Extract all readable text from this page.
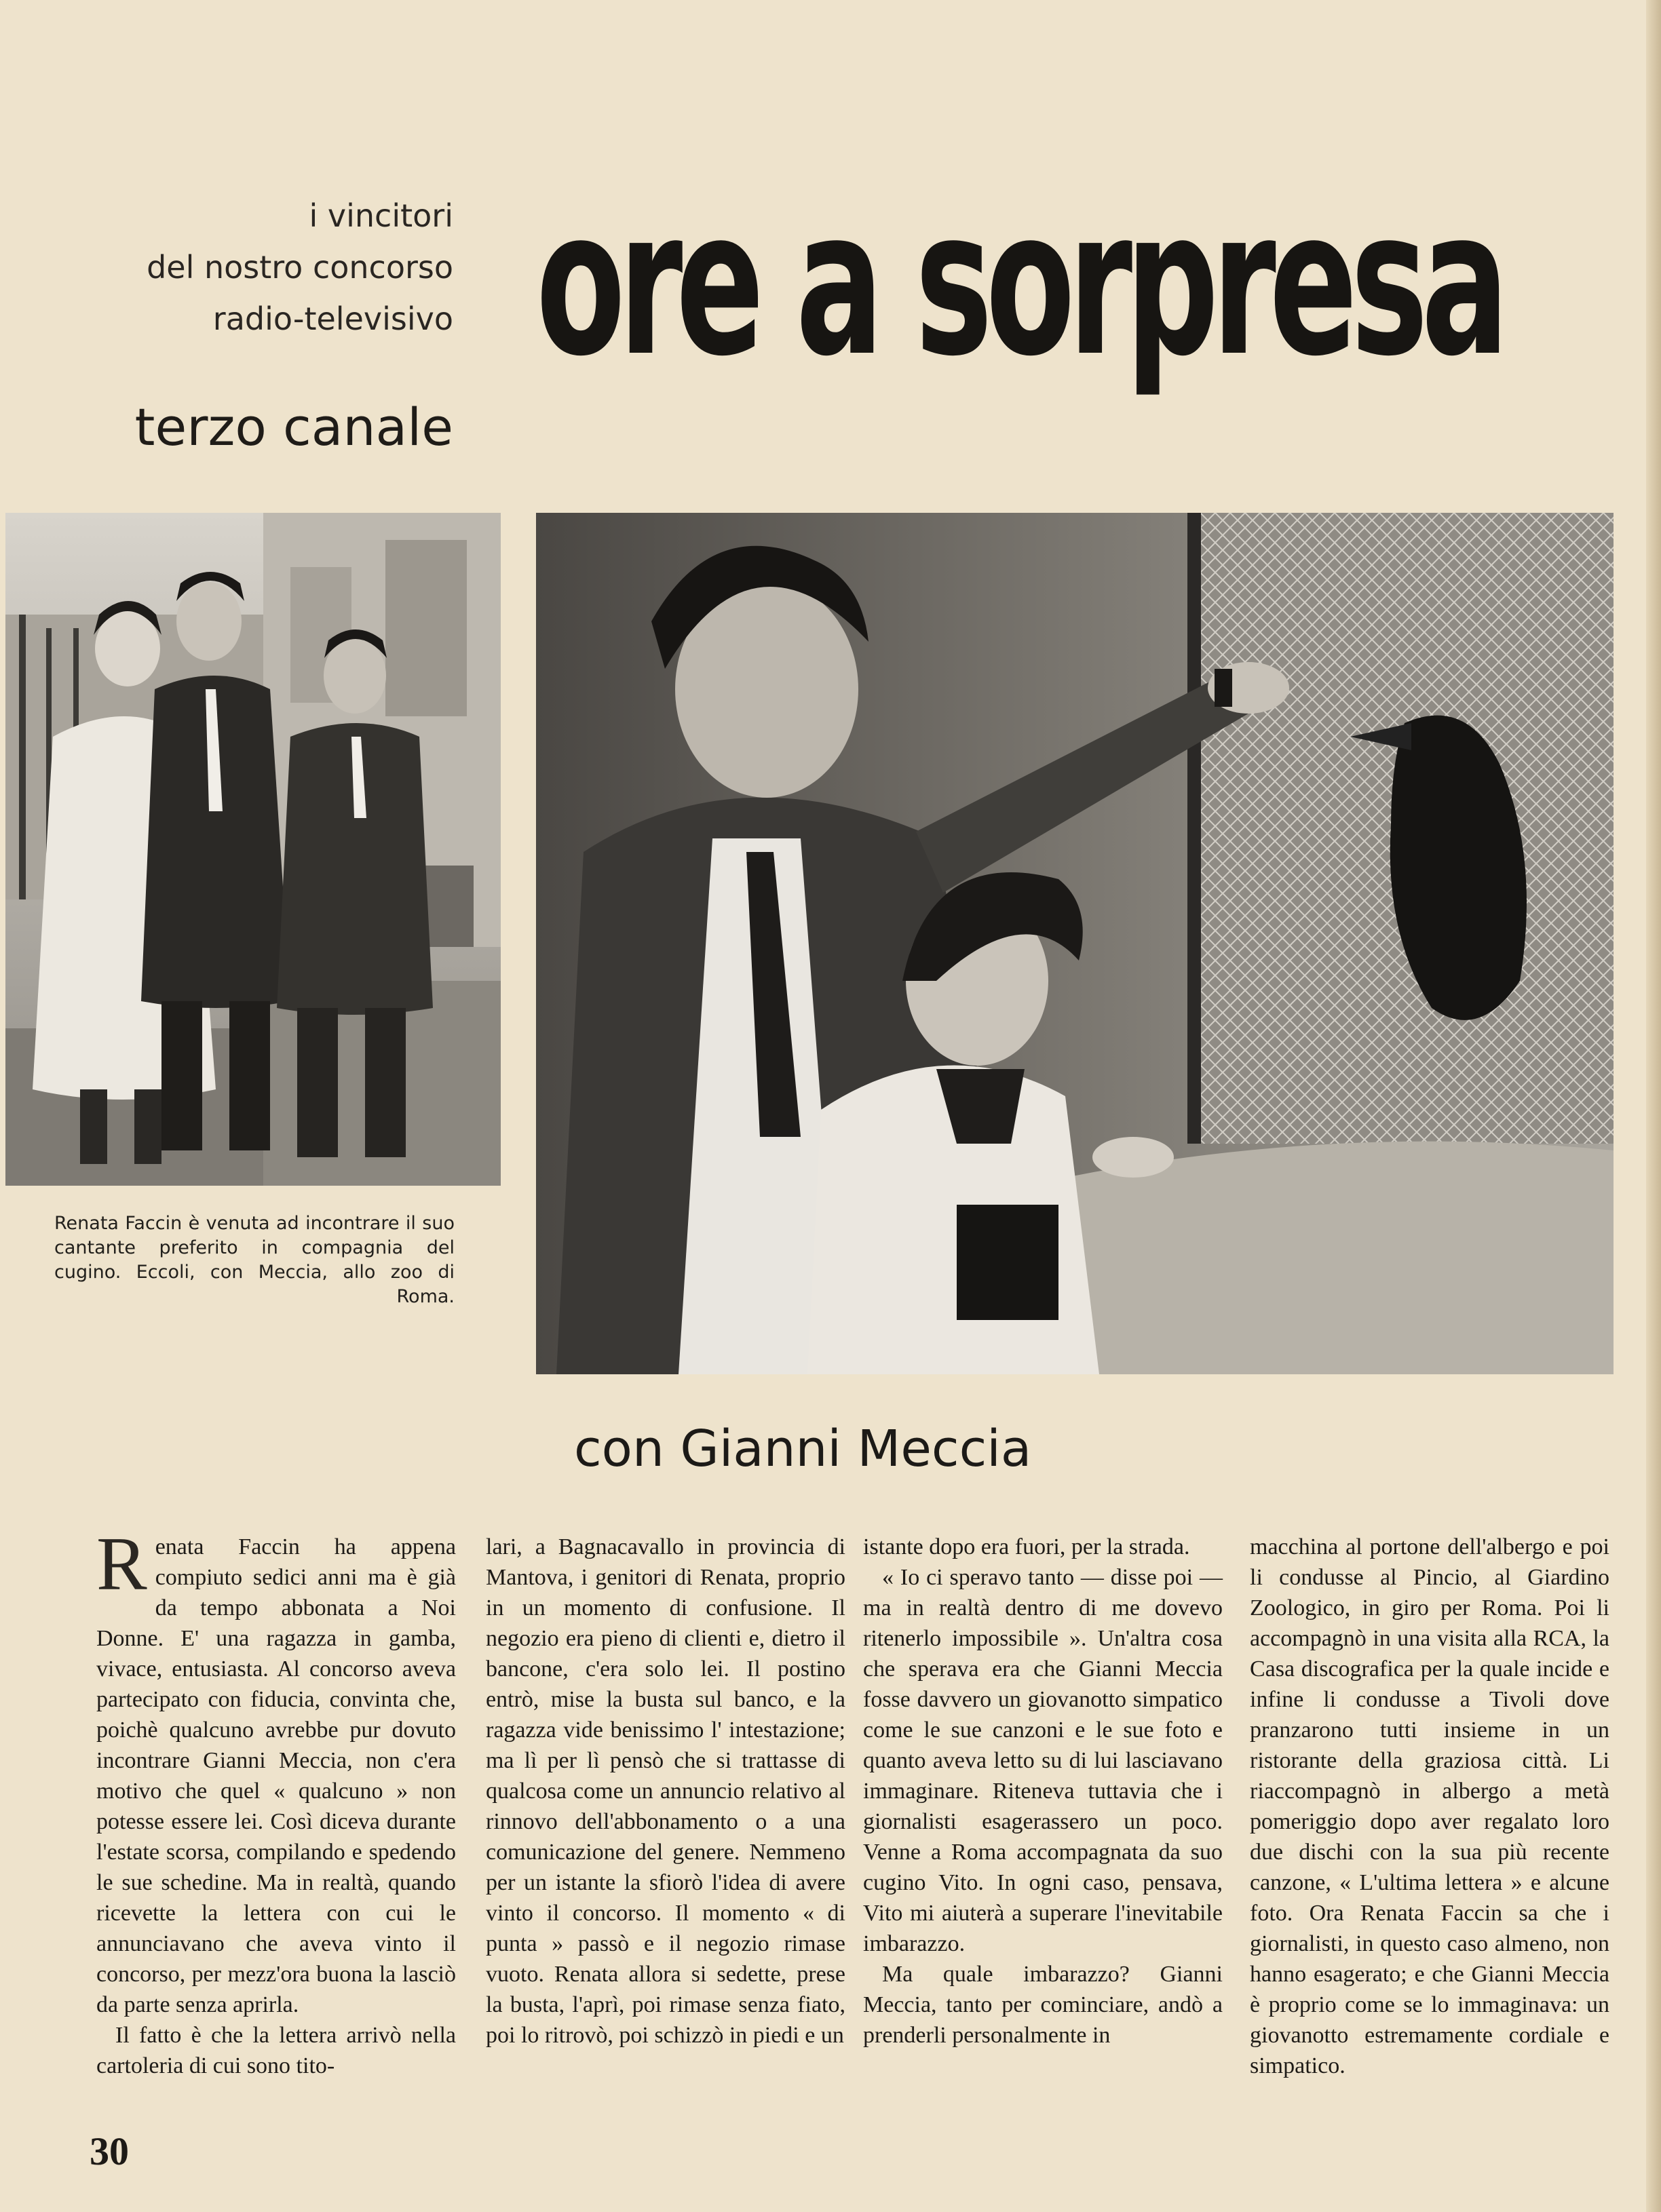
i vincitori
del nostro concorso
radio-televisivo
terzo canale
ore a sorpresa
Renata Faccin è venuta ad incontrare il suo cantante preferito in compagnia del cugino. Eccoli, con Meccia, allo zoo di Roma.
con Gianni Meccia

Renata Faccin ha appena compiuto sedici anni ma è già da tempo abbonata a Noi Donne. E' una ragazza in gamba, vivace, entusiasta. Al concorso aveva partecipato con fiducia, convinta che, poichè qualcuno avrebbe pur dovuto incontrare Gianni Meccia, non c'era motivo che quel « qualcuno » non potesse essere lei. Così diceva durante l'estate scorsa, compilando e spedendo le sue schedine. Ma in realtà, quando ricevette la lettera con cui le annunciavano che aveva vinto il concorso, per mezz'ora buona la lasciò da parte senza aprirla.

Il fatto è che la lettera arrivò nella cartoleria di cui sono tito-

lari, a Bagnacavallo in provincia di Mantova, i genitori di Renata, proprio in un momento di confusione. Il negozio era pieno di clienti e, dietro il bancone, c'era solo lei. Il postino entrò, mise la busta sul banco, e la ragazza vide benissimo l' intestazione; ma lì per lì pensò che si trattasse di qualcosa come un annuncio relativo al rinnovo dell'abbonamento o a una comunicazione del genere. Nemmeno per un istante la sfiorò l'idea di avere vinto il concorso. Il momento « di punta » passò e il negozio rimase vuoto. Renata allora si sedette, prese la busta, l'aprì, poi rimase senza fiato, poi lo ritrovò, poi schizzò in piedi e un

istante dopo era fuori, per la strada.

« Io ci speravo tanto — disse poi — ma in realtà dentro di me dovevo ritenerlo impossibile ». Un'altra cosa che sperava era che Gianni Meccia fosse davvero un giovanotto simpatico come le sue canzoni e le sue foto e quanto aveva letto su di lui lasciavano immaginare. Riteneva tuttavia che i giornalisti esagerassero un poco. Venne a Roma accompagnata da suo cugino Vito. In ogni caso, pensava, Vito mi aiuterà a superare l'inevitabile imbarazzo.

Ma quale imbarazzo? Gianni Meccia, tanto per cominciare, andò a prenderli personalmente in

macchina al portone dell'albergo e poi li condusse al Pincio, al Giardino Zoologico, in giro per Roma. Poi li accompagnò in una visita alla RCA, la Casa discografica per la quale incide e infine li condusse a Tivoli dove pranzarono tutti insieme in un ristorante della graziosa città. Li riaccompagnò in albergo a metà pomeriggio dopo aver regalato loro due dischi con la sua più recente canzone, « L'ultima lettera » e alcune foto. Ora Renata Faccin sa che i giornalisti, in questo caso almeno, non hanno esagerato; e che Gianni Meccia è proprio come se lo immaginava: un giovanotto estremamente cordiale e simpatico.

30
